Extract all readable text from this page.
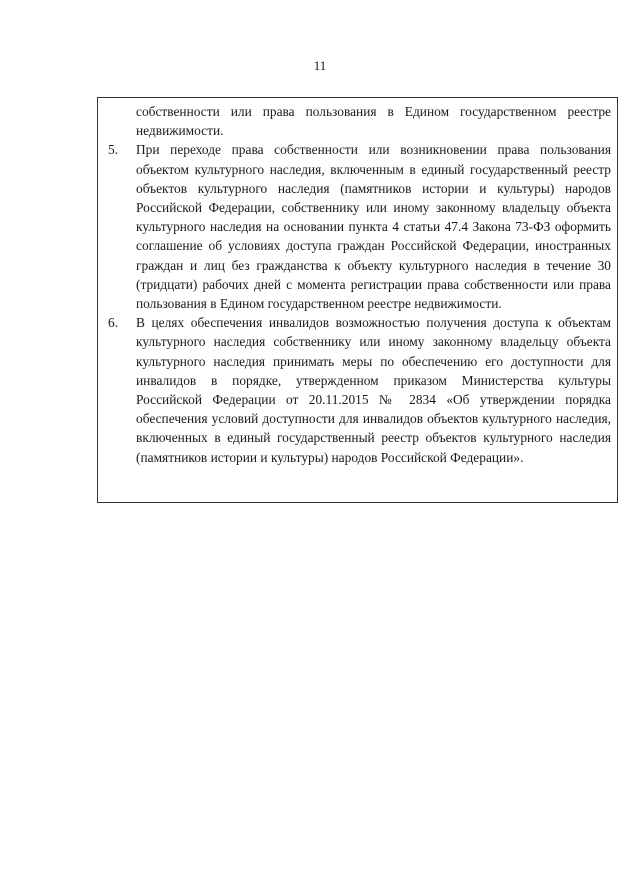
11

собственности или права пользования в Едином государственном реестре недвижимости.

5.	При переходе права собственности или возникновении права пользования объектом культурного наследия, включенным в единый государственный реестр объектов культурного наследия (памятников истории и культуры) народов Российской Федерации, собственнику или иному законному владельцу объекта культурного наследия на основании пункта 4 статьи 47.4 Закона 73-ФЗ оформить соглашение об условиях доступа граждан Российской Федерации, иностранных граждан и лиц без гражданства к объекту культурного наследия в течение 30 (тридцати) рабочих дней с момента регистрации права собственности или права пользования в Едином государственном реестре недвижимости.
6.	В целях обеспечения инвалидов возможностью получения доступа к объектам культурного наследия собственнику или иному законному владельцу объекта культурного наследия принимать меры по обеспечению его доступности для инвалидов в порядке, утвержденном приказом Министерства культуры Российской Федерации от 20.11.2015 № 2834 «Об утверждении порядка обеспечения условий доступности для инвалидов объектов культурного наследия, включенных в единый государственный реестр объектов культурного наследия (памятников истории и культуры) народов Российской Федерации».
